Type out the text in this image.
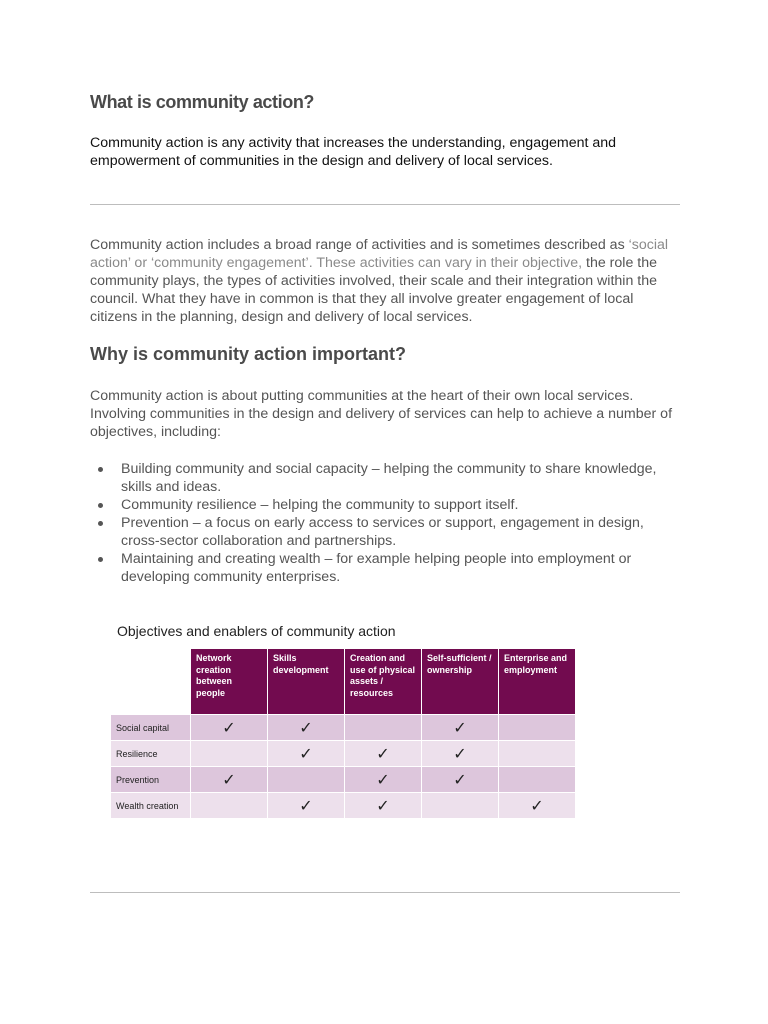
What is community action?

Community action is any activity that increases the understanding, engagement and empowerment of communities in the design and delivery of local services.

Community action includes a broad range of activities and is sometimes described as ‘social action’ or ‘community engagement’. These activities can vary in their objective, the role the community plays, the types of activities involved, their scale and their integration within the council. What they have in common is that they all involve greater engagement of local citizens in the planning, design and delivery of local services.

Why is community action important?

Community action is about putting communities at the heart of their own local services. Involving communities in the design and delivery of services can help to achieve a number of objectives, including:

Building community and social capacity – helping the community to share knowledge, skills and ideas.
Community resilience – helping the community to support itself.
Prevention – a focus on early access to services or support, engagement in design, cross-sector collaboration and partnerships.
Maintaining and creating wealth – for example helping people into employment or developing community enterprises.
Objectives and enablers of community action
	Network creation between people	Skills development	Creation and use of physical assets / resources	Self-sufficient / ownership	Enterprise and employment
Social capital	✓	✓		✓	
Resilience		✓	✓	✓	
Prevention	✓		✓	✓	
Wealth creation		✓	✓		✓
